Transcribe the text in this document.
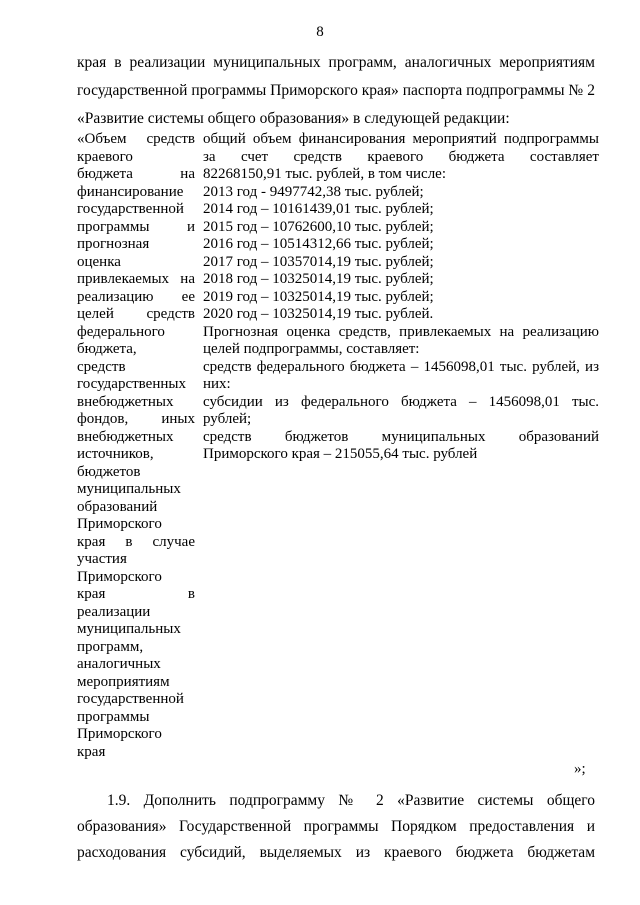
8
края в реализации муниципальных программ, аналогичных мероприятиям
государственной программы Приморского края» паспорта подпрограммы № 2
«Развитие системы общего образования» в следующей редакции:
«Объем средств
краевого
бюджета на
финансирование
государственной
программы и
прогнозная
оценка
привлекаемых на
реализацию ее
целей средств
федерального
бюджета,
средств
государственных
внебюджетных
фондов, иных
внебюджетных
источников,
бюджетов
муниципальных
образований
Приморского
края в случае
участия
Приморского
края в
реализации
муниципальных
программ,
аналогичных
мероприятиям
государственной
программы
Приморского
края
общий объем финансирования мероприятий подпрограммы
за счет средств краевого бюджета составляет
82268150,91 тыс. рублей, в том числе:
2013 год - 9497742,38 тыс. рублей;
2014 год – 10161439,01 тыс. рублей;
2015 год – 10762600,10 тыс. рублей;
2016 год – 10514312,66 тыс. рублей;
2017 год – 10357014,19 тыс. рублей;
2018 год – 10325014,19 тыс. рублей;
2019 год – 10325014,19 тыс. рублей;
2020 год – 10325014,19 тыс. рублей.
Прогнозная оценка средств, привлекаемых на реализацию
целей подпрограммы, составляет:
средств федерального бюджета – 1456098,01 тыс. рублей, из
них:
субсидии из федерального бюджета – 1456098,01 тыс.
рублей;
средств бюджетов муниципальных образований
Приморского края – 215055,64 тыс. рублей
»;
1.9. Дополнить подпрограмму № 2 «Развитие системы общего
образования» Государственной программы Порядком предоставления и
расходования субсидий, выделяемых из краевого бюджета бюджетам
